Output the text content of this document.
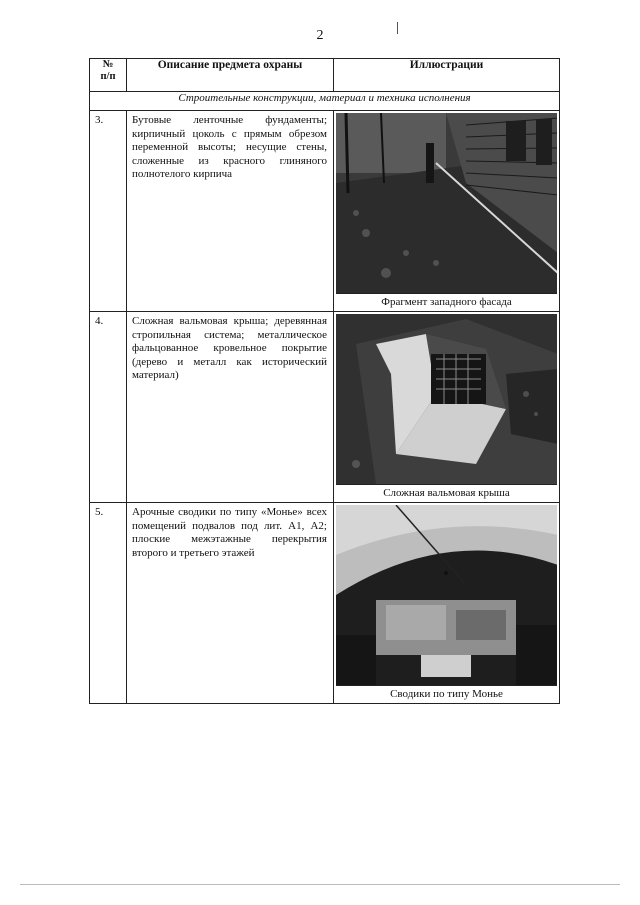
2
№
п/п	Описание предмета охраны	Иллюстрации
Строительные конструкции, материал и техника исполнения		
3.	Бутовые ленточные фундаменты; кирпичный цоколь с прямым обрезом переменной высоты; несущие стены, сложенные из красного глиняного полнотелого кирпича	Фрагмент западного фасада

4.	Сложная вальмовая крыша; деревянная стропильная система; металлическое фальцованное кровельное покрытие (дерево и металл как исторический материал)	Сложная вальмовая крыша

5.	Арочные сводики по типу «Монье» всех помещений подвалов под лит. А1, А2; плоские межэтажные перекрытия второго и третьего этажей	Сводики по типу Монье
